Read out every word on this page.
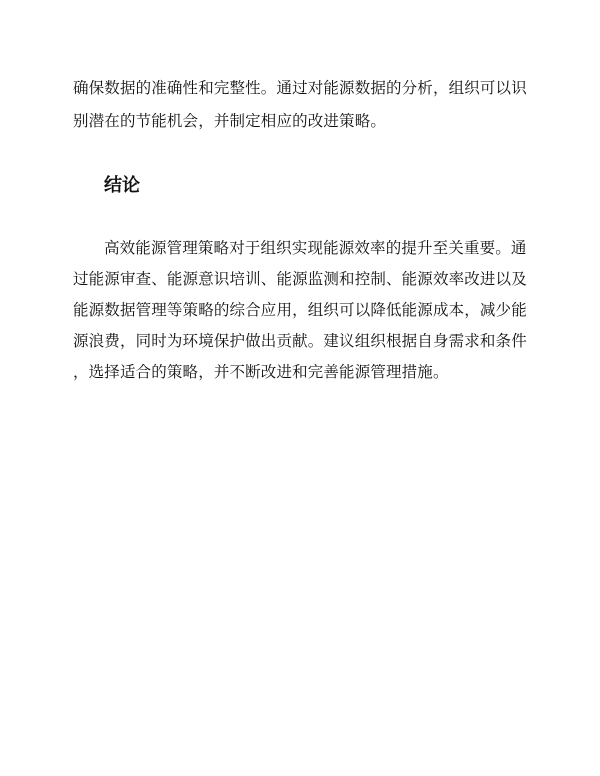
确保数据的准确性和完整性。通过对能源数据的分析，组织可以识
别潜在的节能机会，并制定相应的改进策略。
结论
高效能源管理策略对于组织实现能源效率的提升至关重要。通
过能源审查、能源意识培训、能源监测和控制、能源效率改进以及
能源数据管理等策略的综合应用，组织可以降低能源成本，减少能
源浪费，同时为环境保护做出贡献。建议组织根据自身需求和条件
，选择适合的策略，并不断改进和完善能源管理措施。
